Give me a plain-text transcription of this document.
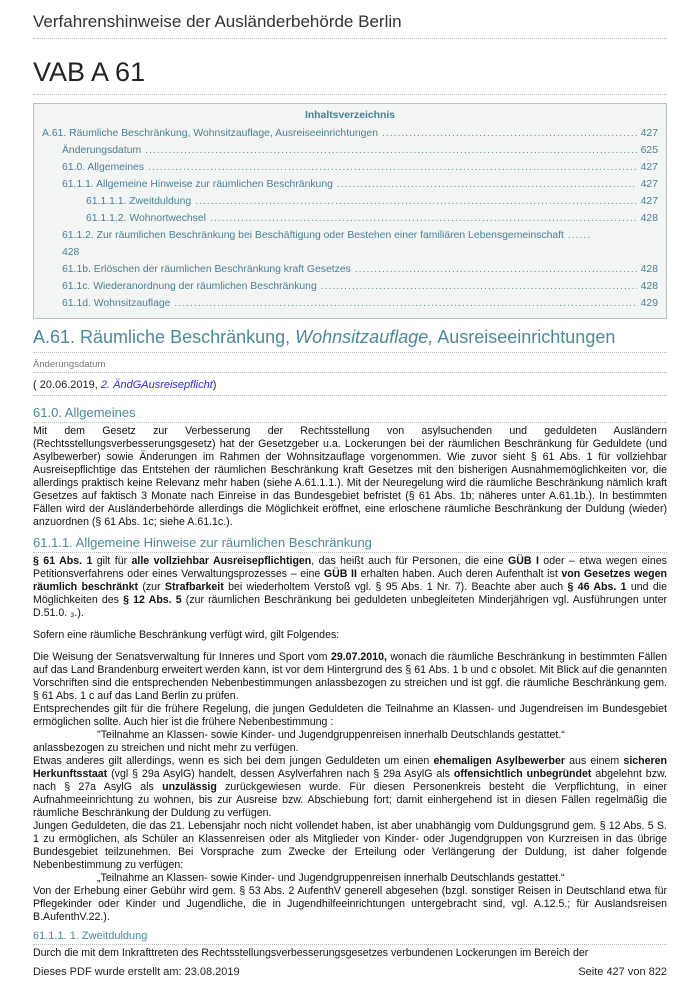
Verfahrenshinweise der Ausländerbehörde Berlin
VAB A 61
Inhaltsverzeichnis
A.61. Räumliche Beschränkung, Wohnsitzauflage, Ausreiseeinrichtungen .....	427
Änderungsdatum .....	625
61.0. Allgemeines .....	427
61.1.1. Allgemeine Hinweise zur räumlichen Beschränkung .....	427
61.1.1.1. Zweitduldung .....	427
61.1.1.2. Wohnortwechsel .....	428
61.1.2. Zur räumlichen Beschränkung bei Beschäftigung oder Bestehen einer familiären Lebensgemeinschaft ......
428
61.1b. Erlöschen der räumlichen Beschränkung kraft Gesetzes .....	428
61.1c. Wiederanordnung der räumlichen Beschränkung .....	428
61.1d. Wohnsitzauflage .....	429
A.61. Räumliche Beschränkung, Wohnsitzauflage, Ausreiseeinrichtungen
Änderungsdatum
( 20.06.2019, 2. ÄndGAusreisepflicht)
61.0. Allgemeines

Mit dem Gesetz zur Verbesserung der Rechtsstellung von asylsuchenden und geduldeten Ausländern (Rechtsstellungsverbesserungsgesetz) hat der Gesetzgeber u.a. Lockerungen bei der räumlichen Beschränkung für Geduldete (und Asylbewerber) sowie Änderungen im Rahmen der Wohnsitzauflage vorgenommen. Wie zuvor sieht § 61 Abs. 1 für vollziehbar Ausreisepflichtige das Entstehen der räumlichen Beschränkung kraft Gesetzes mit den bisherigen Ausnahmemöglichkeiten vor, die allerdings praktisch keine Relevanz mehr haben (siehe A.61.1.1.). Mit der Neuregelung wird die räumliche Beschränkung nämlich kraft Gesetzes auf faktisch 3 Monate nach Einreise in das Bundesgebiet befristet (§ 61 Abs. 1b; näheres unter A.61.1b.). In bestimmten Fällen wird der Ausländerbehörde allerdings die Möglichkeit eröffnet, eine erloschene räumliche Beschränkung der Duldung (wieder) anzuordnen (§ 61 Abs. 1c; siehe A.61.1c.).

61.1.1. Allgemeine Hinweise zur räumlichen Beschränkung

§ 61 Abs. 1 gilt für alle vollziehbar Ausreisepflichtigen, das heißt auch für Personen, die eine GÜB I oder – etwa wegen eines Petitionsverfahrens oder eines Verwaltungsprozesses – eine GÜB II erhalten haben. Auch deren Aufenthalt ist von Gesetzes wegen räumlich beschränkt (zur Strafbarkeit bei wiederholtem Verstoß vgl. § 95 Abs. 1 Nr. 7). Beachte aber auch § 46 Abs. 1 und die Möglichkeiten des § 12 Abs. 5 (zur räumlichen Beschränkung bei geduldeten unbegleiteten Minderjährigen vgl. Ausführungen unter D.51.0. ₃.).

Sofern eine räumliche Beschränkung verfügt wird, gilt Folgendes:

Die Weisung der Senatsverwaltung für Inneres und Sport vom 29.07.2010, wonach die räumliche Beschränkung in bestimmten Fällen auf das Land Brandenburg erweitert werden kann, ist vor dem Hintergrund des § 61 Abs. 1 b und c obsolet. Mit Blick auf die genannten Vorschriften sind die entsprechenden Nebenbestimmungen anlassbezogen zu streichen und ist ggf. die räumliche Beschränkung gem. § 61 Abs. 1 c auf das Land Berlin zu prüfen.

Entsprechendes gilt für die frühere Regelung, die jungen Geduldeten die Teilnahme an Klassen- und Jugendreisen im Bundesgebiet ermöglichen sollte. Auch hier ist die frühere Nebenbestimmung :

"Teilnahme an Klassen- sowie Kinder- und Jugendgruppenreisen innerhalb Deutschlands gestattet.“

anlassbezogen zu streichen und nicht mehr zu verfügen.

Etwas anderes gilt allerdings, wenn es sich bei dem jungen Geduldeten um einen ehemaligen Asylbewerber aus einem sicheren Herkunftsstaat (vgl § 29a AsylG) handelt, dessen Asylverfahren nach § 29a AsylG als offensichtlich unbegründet abgelehnt bzw. nach § 27a AsylG als unzulässig zurückgewiesen wurde. Für diesen Personenkreis besteht die Verpflichtung, in einer Aufnahmeeinrichtung zu wohnen, bis zur Ausreise bzw. Abschiebung fort; damit einhergehend ist in diesen Fällen regelmäßig die räumliche Beschränkung der Duldung zu verfügen.

Jungen Geduldeten, die das 21. Lebensjahr noch nicht vollendet haben, ist aber unabhängig vom Duldungsgrund gem. § 12 Abs. 5 S. 1 zu ermöglichen, als Schüler an Klassenreisen oder als Mitglieder von Kinder- oder Jugendgruppen von Kurzreisen in das übrige Bundesgebiet teilzunehmen. Bei Vorsprache zum Zwecke der Erteilung oder Verlängerung der Duldung, ist daher folgende Nebenbestimmung zu verfügen:

„Teilnahme an Klassen- sowie Kinder- und Jugendgruppenreisen innerhalb Deutschlands gestattet.“

Von der Erhebung einer Gebühr wird gem. § 53 Abs. 2 AufenthV generell abgesehen (bzgl. sonstiger Reisen in Deutschland etwa für Pflegekinder oder Kinder und Jugendliche, die in Jugendhilfeeinrichtungen untergebracht sind, vgl. A.12.5.; für Auslandsreisen B.AufenthV.22.).

61.1.1. 1. Zweitduldung

Durch die mit dem Inkrafttreten des Rechtsstellungsverbesserungsgesetzes verbundenen Lockerungen im Bereich der

Dieses PDF wurde erstellt am: 23.08.2019	Seite 427 von 822
